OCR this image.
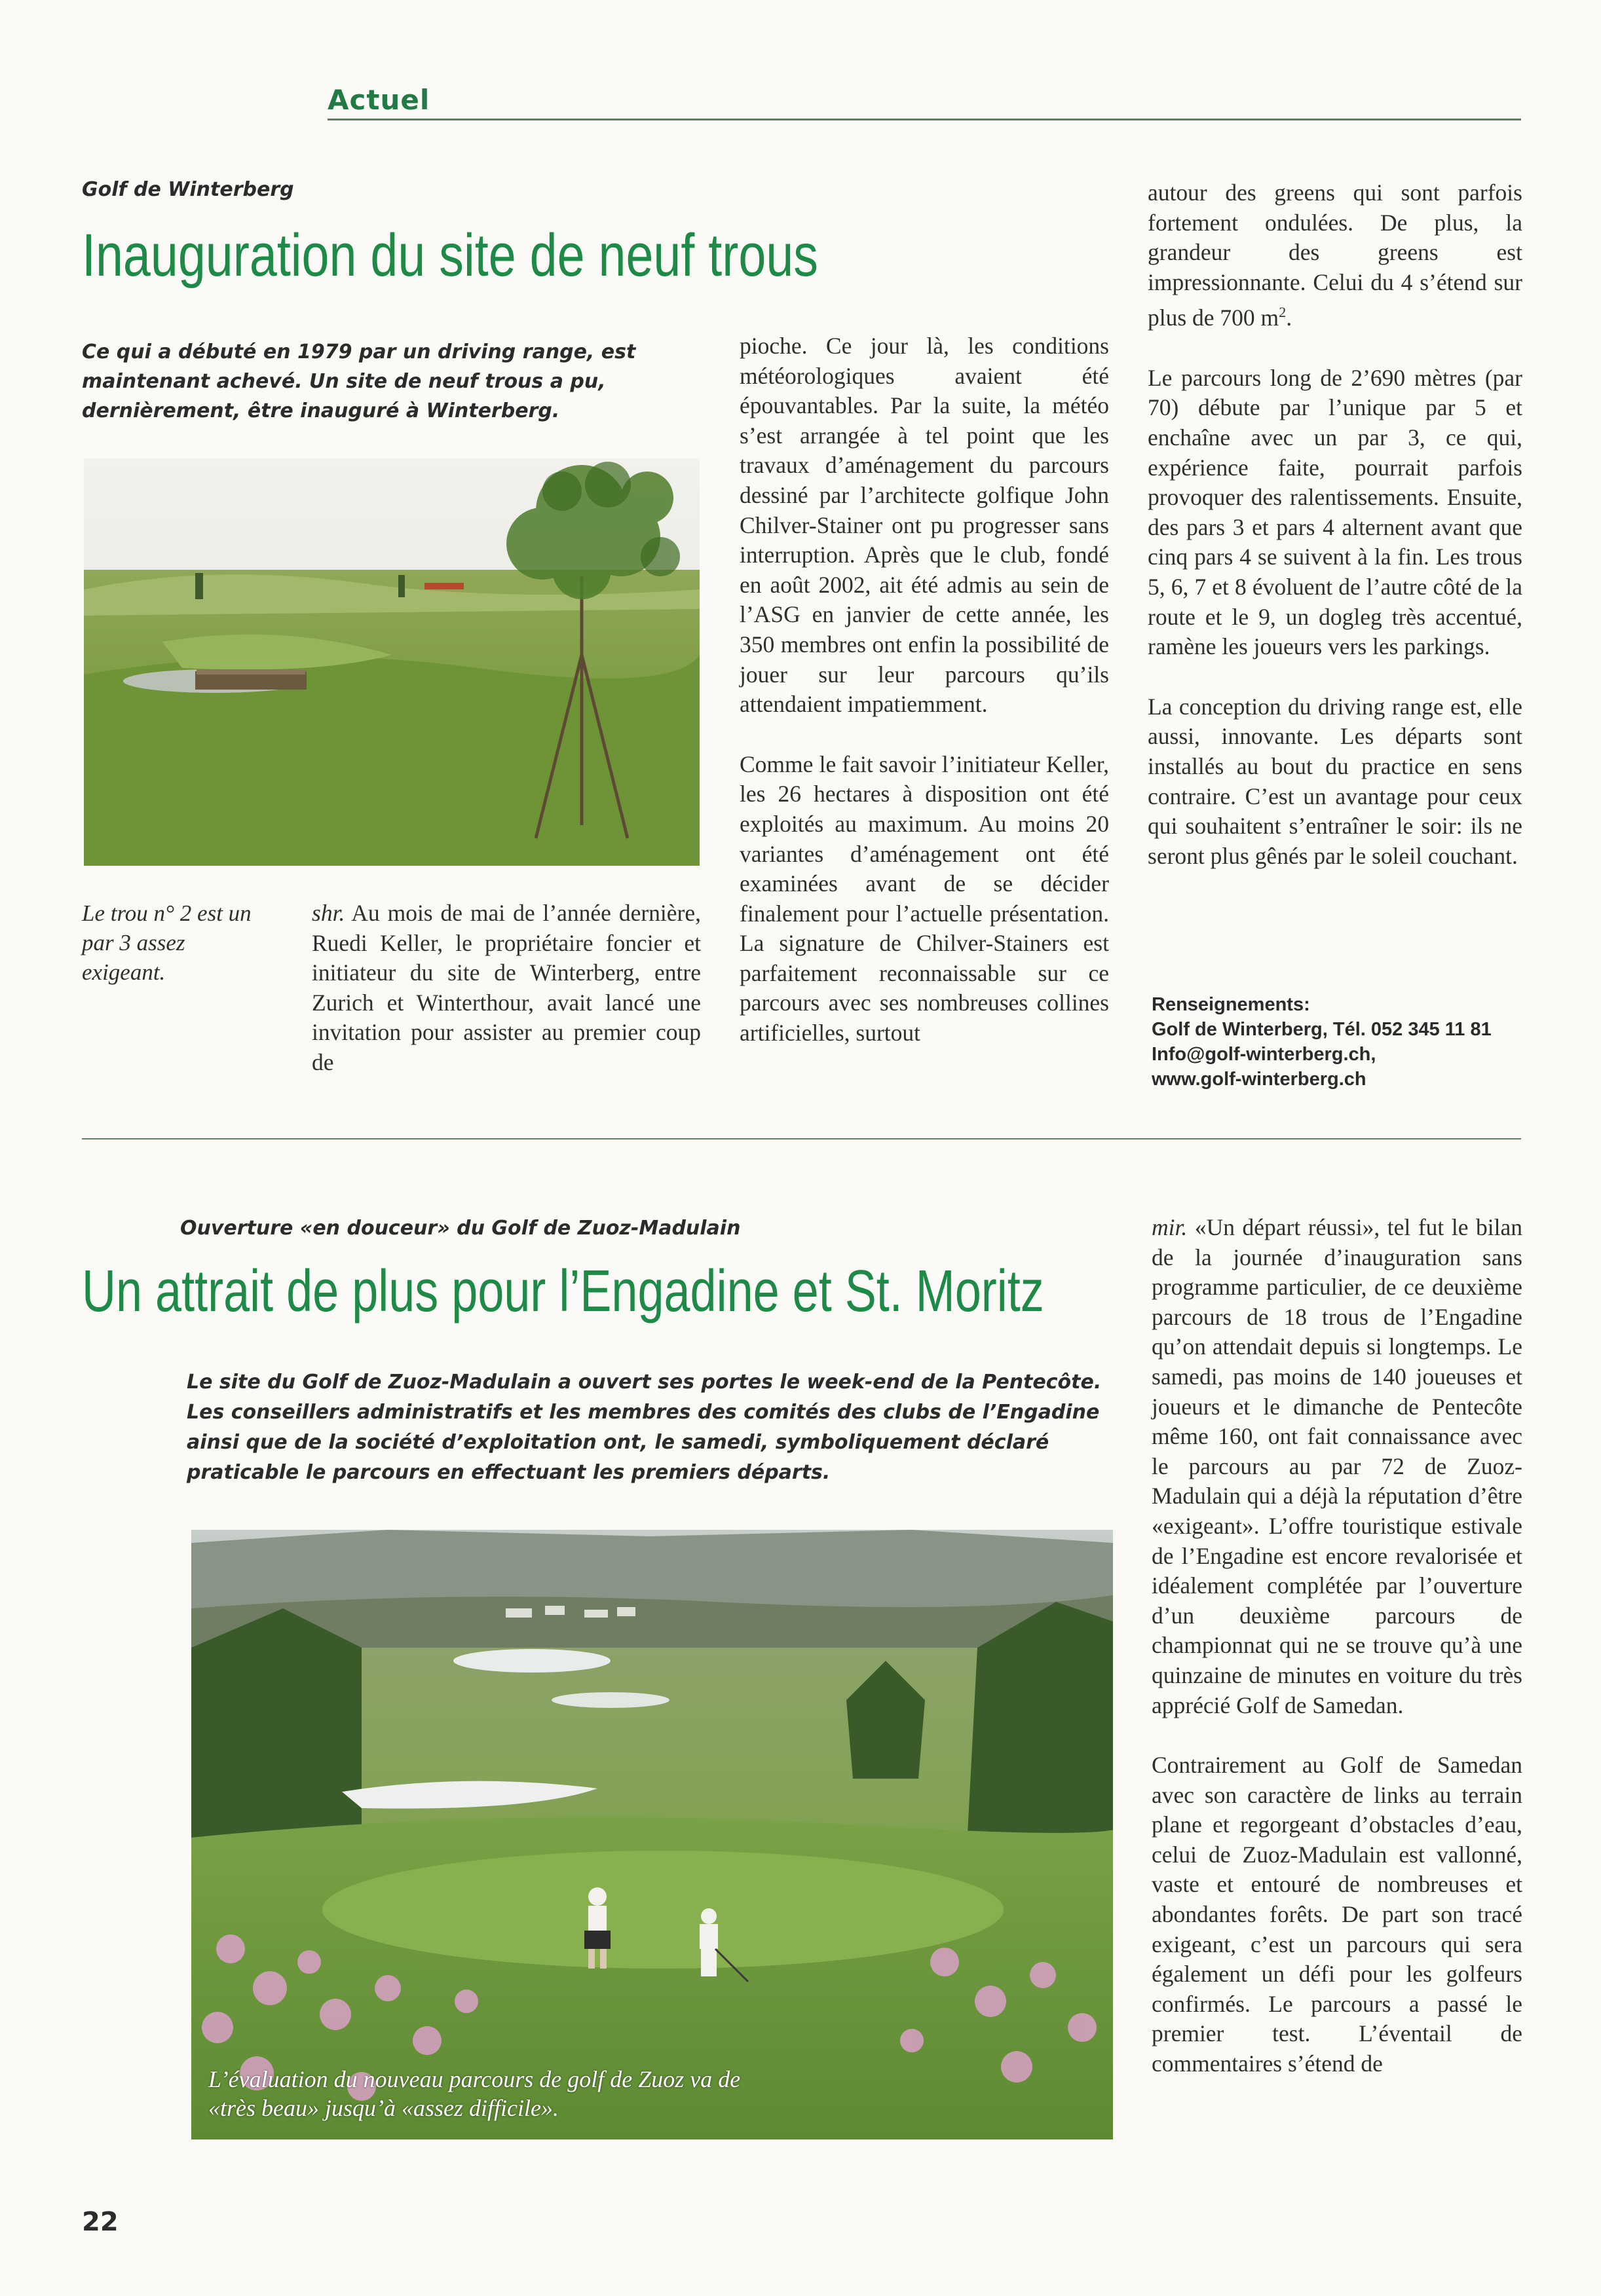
Actuel
Golf de Winterberg
Inauguration du site de neuf trous

Ce qui a débuté en 1979 par un driving range, est maintenant achevé. Un site de neuf trous a pu, dernièrement, être inauguré à Winterberg.

Le trou n° 2 est un par 3 assez exigeant.

shr. Au mois de mai de l’année dernière, Ruedi Keller, le propriétaire foncier et initiateur du site de Winterberg, entre Zurich et Winterthour, avait lancé une invitation pour assister au premier coup de

pioche. Ce jour là, les conditions météorologiques avaient été épouvantables. Par la suite, la météo s’est arrangée à tel point que les travaux d’aménagement du parcours dessiné par l’architecte golfique John Chilver-Stainer ont pu progresser sans interruption. Après que le club, fondé en août 2002, ait été admis au sein de l’ASG en janvier de cette année, les 350 membres ont enfin la possibilité de jouer sur leur parcours qu’ils attendaient impatiemment.

Comme le fait savoir l’initiateur Keller, les 26 hectares à disposition ont été exploités au maximum. Au moins 20 variantes d’aménagement ont été examinées avant de se décider finalement pour l’actuelle présentation. La signature de Chilver-Stainers est parfaitement reconnaissable sur ce parcours avec ses nombreuses collines artificielles, surtout

autour des greens qui sont parfois fortement ondulées. De plus, la grandeur des greens est impressionnante. Celui du 4 s’étend sur plus de 700 $m^2$.

Le parcours long de 2’690 mètres (par 70) débute par l’unique par 5 et enchaîne avec un par 3, ce qui, expérience faite, pourrait parfois provoquer des ralentissements. Ensuite, des pars 3 et pars 4 alternent avant que cinq pars 4 se suivent à la fin. Les trous 5, 6, 7 et 8 évoluent de l’autre côté de la route et le 9, un dogleg très accentué, ramène les joueurs vers les parkings.

La conception du driving range est, elle aussi, innovante. Les départs sont installés au bout du practice en sens contraire. C’est un avantage pour ceux qui souhaitent s’entraîner le soir: ils ne seront plus gênés par le soleil couchant.

Renseignements:
Golf de Winterberg, Tél. 052 345 11 81
Info@golf-winterberg.ch,
www.golf-winterberg.ch
Ouverture «en douceur» du Golf de Zuoz-Madulain
Un attrait de plus pour l’Engadine et St. Moritz

Le site du Golf de Zuoz-Madulain a ouvert ses portes le week-end de la Pentecôte. Les conseillers administratifs et les membres des comités des clubs de l’Engadine ainsi que de la société d’exploitation ont, le samedi, symboliquement déclaré praticable le parcours en effectuant les premiers départs.

L’évaluation du nouveau parcours de golf de Zuoz va de «très beau» jusqu’à «assez difficile».

mir. «Un départ réussi», tel fut le bilan de la journée d’inauguration sans programme particulier, de ce deuxième parcours de 18 trous de l’Engadine qu’on attendait depuis si longtemps. Le samedi, pas moins de 140 joueuses et joueurs et le dimanche de Pentecôte même 160, ont fait connaissance avec le parcours au par 72 de Zuoz-Madulain qui a déjà la réputation d’être «exigeant». L’offre touristique estivale de l’Engadine est encore revalorisée et idéalement complétée par l’ouverture d’un deuxième parcours de championnat qui ne se trouve qu’à une quinzaine de minutes en voiture du très apprécié Golf de Samedan.

Contrairement au Golf de Samedan avec son caractère de links au terrain plane et regorgeant d’obstacles d’eau, celui de Zuoz-Madulain est vallonné, vaste et entouré de nombreuses et abondantes forêts. De part son tracé exigeant, c’est un parcours qui sera également un défi pour les golfeurs confirmés. Le parcours a passé le premier test. L’éventail de commentaires s’étend de

22
